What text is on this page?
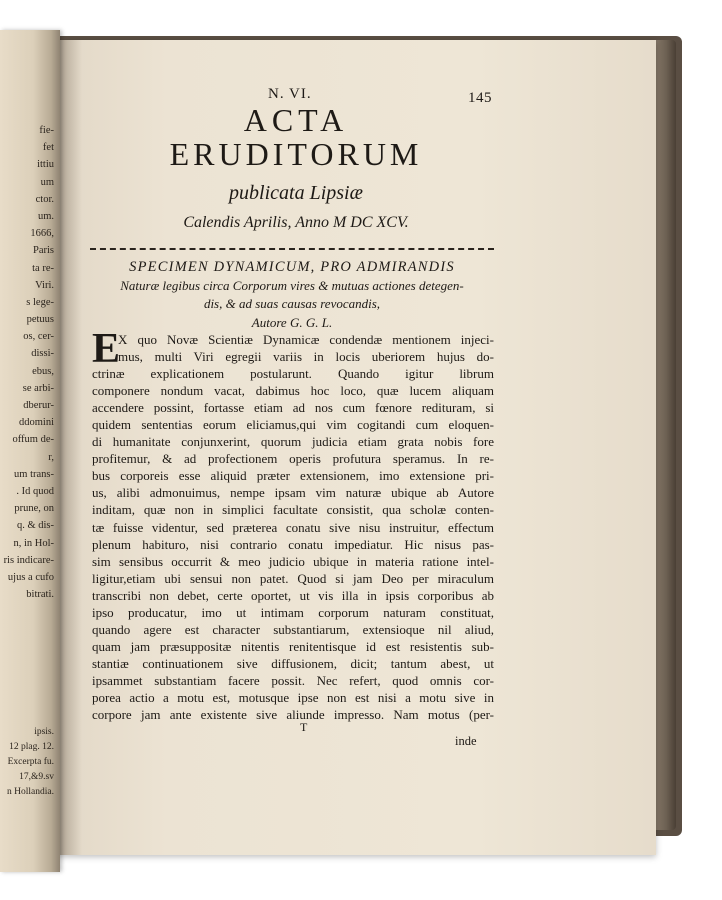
fie-
fet
ittiu
um
ctor.
um.
1666,
Paris
ta re-
Viri.
s lege-
petuus
os, cer-
dissi-
ebus,
se arbi-
dberur-
ddomini
offum de-
r,
um trans-
. Id quod
prune, on
q. & dis-
n, in Hol-
ris indicare-
ujus a cufo
bitrati.
ipsis.
12 plag. 12.
Excerpta fu.
17,&9.sv
n Hollandia.
N. VI.	145
ACTA
ERUDITORUM
publicata Lipsiæ
Calendis Aprilis, Anno M DC XCV.
SPECIMEN DYNAMICUM, PRO ADMIRANDIS
Naturæ legibus circa Corporum vires & mutuas actiones detegen-
dis, & ad suas causas revocandis,
Autore G. G. L.
E
X quo Novæ Scientiæ Dynamicæ condendæ mentionem injeci-
mus, multi Viri egregii variis in locis uberiorem hujus do-
ctrinæ explicationem postularunt. Quando igitur librum
componere nondum vacat, dabimus hoc loco, quæ lucem aliquam
accendere possint, fortasse etiam ad nos cum fœnore redituram, si
quidem sententias eorum eliciamus,qui vim cogitandi cum eloquen-
di humanitate conjunxerint, quorum judicia etiam grata nobis fore
profitemur, & ad profectionem operis profutura speramus. In re-
bus corporeis esse aliquid præter extensionem, imo extensione pri-
us, alibi admonuimus, nempe ipsam vim naturæ ubique ab Autore
inditam, quæ non in simplici facultate consistit, qua scholæ conten-
tæ fuisse videntur, sed præterea conatu sive nisu instruitur, effectum
plenum habituro, nisi contrario conatu impediatur. Hic nisus pas-
sim sensibus occurrit & meo judicio ubique in materia ratione intel-
ligitur,etiam ubi sensui non patet. Quod si jam Deo per miraculum
transcribi non debet, certe oportet, ut vis illa in ipsis corporibus ab
ipso producatur, imo ut intimam corporum naturam constituat,
quando agere est character substantiarum, extensioque nil aliud,
quam jam præsuppositæ nitentis renitentisque id est resistentis sub-
stantiæ continuationem sive diffusionem, dicit; tantum abest, ut
ipsammet substantiam facere possit. Nec refert, quod omnis cor-
porea actio a motu est, motusque ipse non est nisi a motu sive in
corpore jam ante existente sive aliunde impresso. Nam motus (per-
T
inde
